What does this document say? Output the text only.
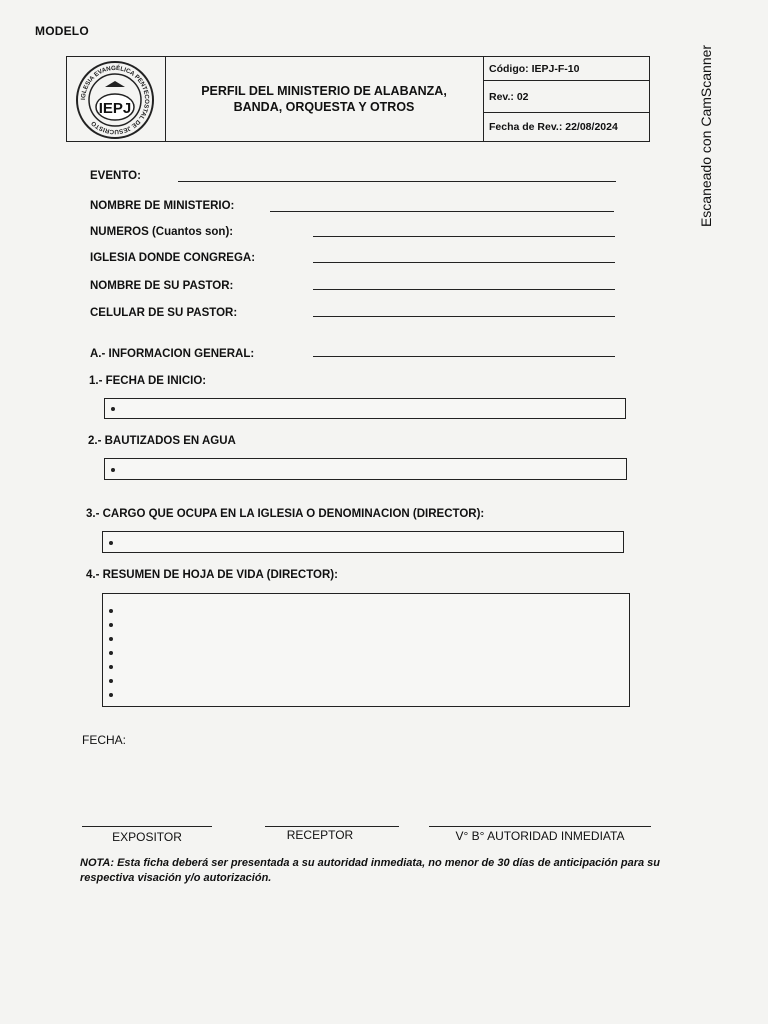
MODELO
Escaneado con CamScanner
IGLESIA EVANGÉLICA PENTECOSTAL DE JESUCRISTO
IEPJ
PERFIL DEL MINISTERIO DE ALABANZA,
BANDA, ORQUESTA Y OTROS
Código: IEPJ-F-10
Rev.: 02
Fecha de Rev.: 22/08/2024
EVENTO:
NOMBRE DE MINISTERIO:
NUMEROS (Cuantos son):
IGLESIA DONDE CONGREGA:
NOMBRE DE SU PASTOR:
CELULAR DE SU PASTOR:
A.- INFORMACION GENERAL:
1.- FECHA DE INICIO:
2.- BAUTIZADOS EN AGUA
3.- CARGO QUE OCUPA EN LA IGLESIA O DENOMINACION (DIRECTOR):
4.- RESUMEN DE HOJA DE VIDA (DIRECTOR):
FECHA:
EXPOSITOR	RECEPTOR	V° B° AUTORIDAD INMEDIATA
NOTA: Esta ficha deberá ser presentada a su autoridad inmediata, no menor de 30 días de anticipación para su respectiva visación y/o autorización.
